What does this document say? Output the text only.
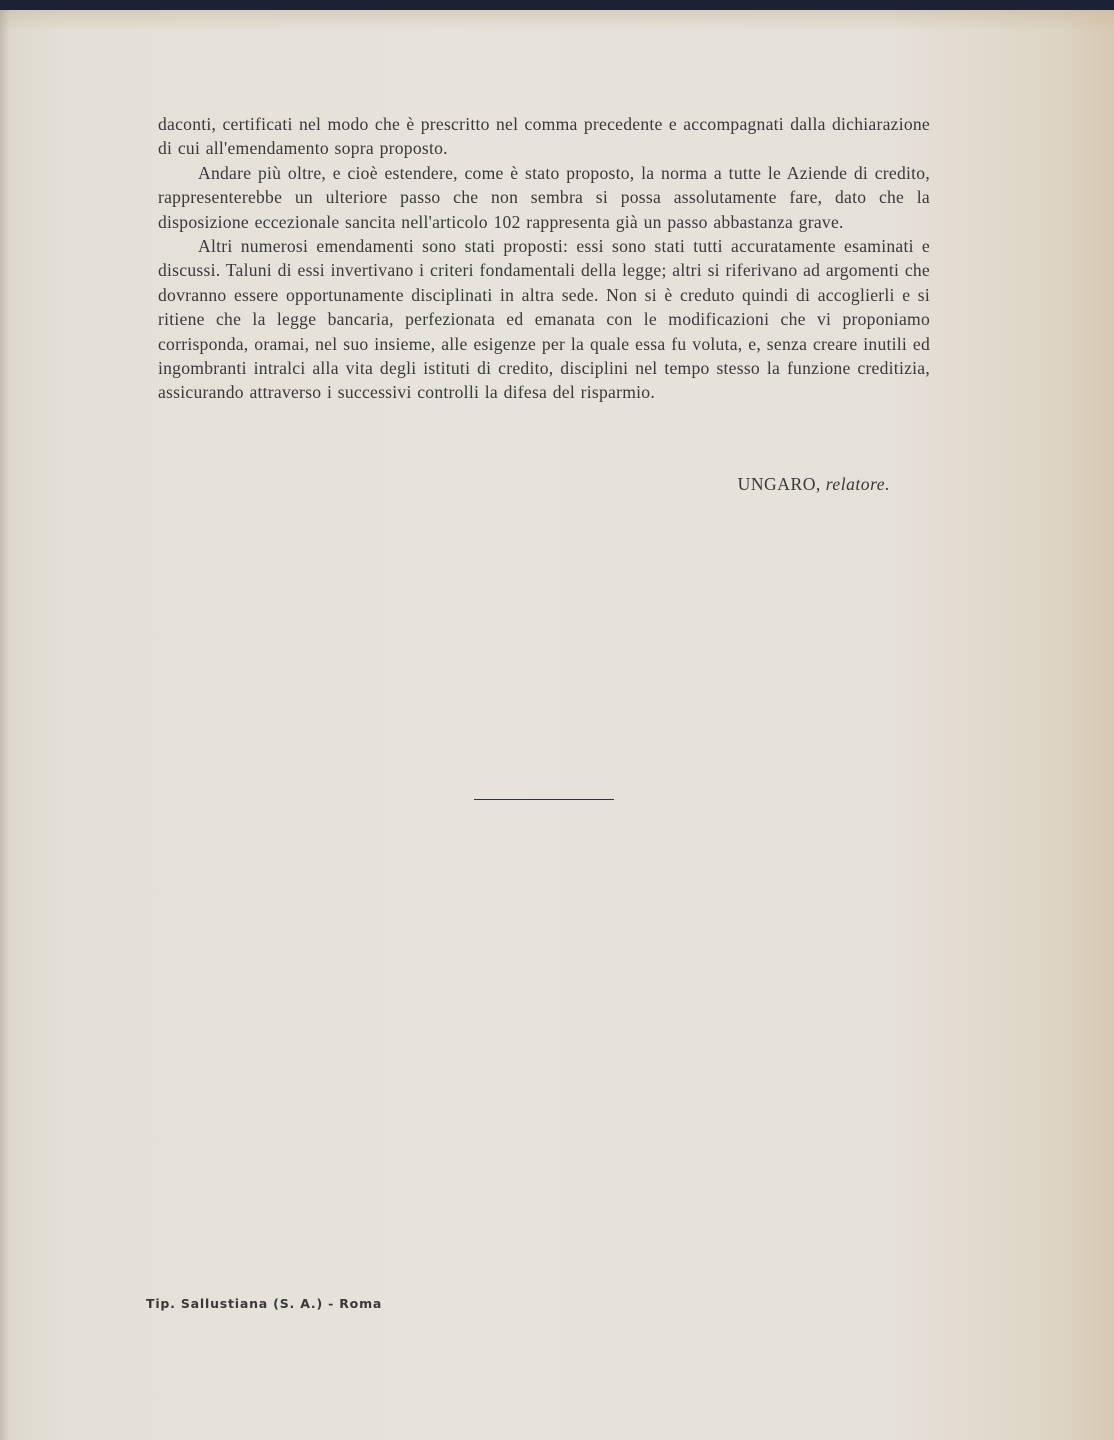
daconti, certificati nel modo che è prescritto nel comma precedente e accompagnati dalla dichiarazione di cui all'emendamento sopra proposto.

Andare più oltre, e cioè estendere, come è stato proposto, la norma a tutte le Aziende di credito, rappresenterebbe un ulteriore passo che non sembra si possa assolutamente fare, dato che la disposizione eccezionale sancita nell'articolo 102 rappresenta già un passo abbastanza grave.

Altri numerosi emendamenti sono stati proposti: essi sono stati tutti accuratamente esaminati e discussi. Taluni di essi invertivano i criteri fondamentali della legge; altri si riferivano ad argomenti che dovranno essere opportunamente disciplinati in altra sede. Non si è creduto quindi di accoglierli e si ritiene che la legge bancaria, perfezionata ed emanata con le modificazioni che vi proponiamo corrisponda, oramai, nel suo insieme, alle esigenze per la quale essa fu voluta, e, senza creare inutili ed ingombranti intralci alla vita degli istituti di credito, disciplini nel tempo stesso la funzione creditizia, assicurando attraverso i successivi controlli la difesa del risparmio.

UNGARO, relatore.
Tip. Sallustiana (S. A.) - Roma
